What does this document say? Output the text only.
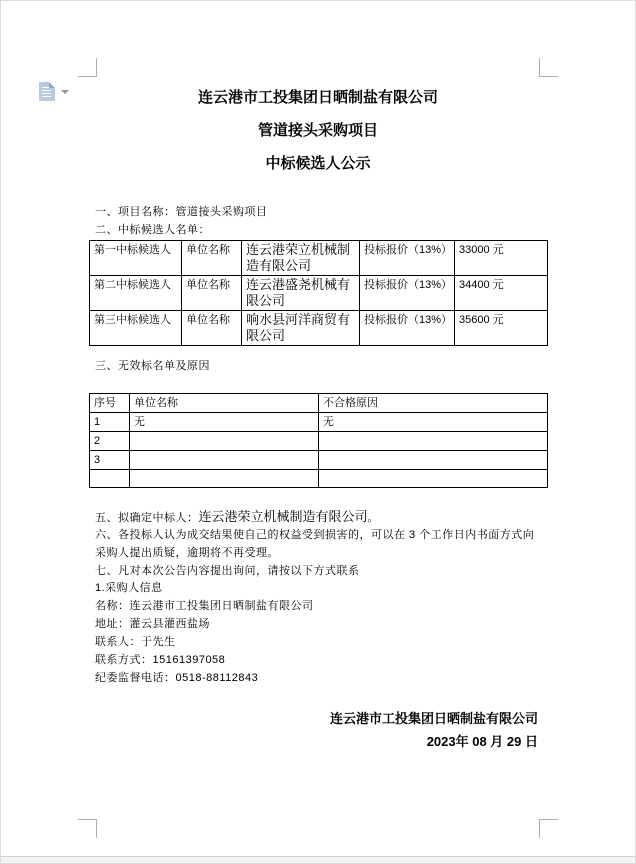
连云港市工投集团日晒制盐有限公司
管道接头采购项目
中标候选人公示
一、项目名称：管道接头采购项目
二、中标候选人名单：
第一中标候选人	单位名称	连云港荣立机械制造有限公司	投标报价（13%）	33000 元
第二中标候选人	单位名称	连云港盛尧机械有限公司	投标报价（13%）	34400 元
第三中标候选人	单位名称	响水县河洋商贸有限公司	投标报价（13%）	35600 元
三、无效标名单及原因
序号	单位名称	不合格原因
1	无	无
2		
3		

五、拟确定中标人：连云港荣立机械制造有限公司。
六、各投标人认为成交结果使自己的权益受到损害的，可以在 3 个工作日内书面方式向采购人提出质疑，逾期将不再受理。
七、凡对本次公告内容提出询问，请按以下方式联系
1.采购人信息

名称：连云港市工投集团日晒制盐有限公司

地址：灌云县灌西盐场

联系人：于先生

联系方式：15161397058

纪委监督电话：0518-88112843

连云港市工投集团日晒制盐有限公司
2023年 08 月 29 日
